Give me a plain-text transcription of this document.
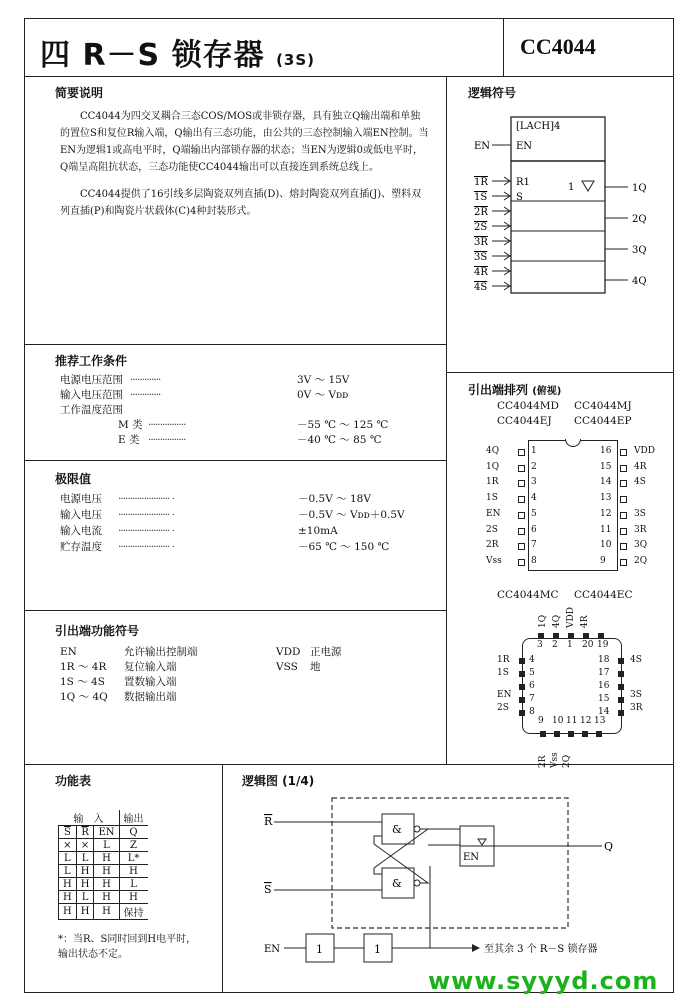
四 R－S 锁存器 (3S)
CC4044
简要说明
CC4044为四交叉耦合三态COS/MOS或非锁存器，具有独立Q输出端和单独的置位S和复位R输入端，Q输出有三态功能，由公共的三态控制输入端EN控制。当EN为逻辑1或高电平时，Q端输出内部锁存器的状态；当EN为逻辑0或低电平时，Q端呈高阻抗状态，三态功能使CC4044输出可以直接连到系统总线上。
CC4044提供了16引线多层陶瓷双列直插(D)、熔封陶瓷双列直插(J)、塑料双列直插(P)和陶瓷片状载体(C)4种封装形式。
逻辑符号
[LACH]4
EN	EN
R1
S
1
1R
1S
2R
2S
3R
3S
4R
4S
1Q
2Q
3Q
4Q
推荐工作条件
极限值
引出端功能符号
引出端排列 (俯视)
CC4044MD CC4044MJ
CC4044EJ CC4044EP
CC4044MC CC4044EC
功能表
输　入			输出
$\overline{S}$	$\overline{R}$	EN	Q
×	×	L	Z
L	L	H	L*
L	H	H	H
H	H	H	L
H	L	H	H
H	H	H	保持
*：当R、S同时回到H电平时，输出状态不定。
逻辑图 (1/4)
R
S
&
&
EN
Q
EN	1	1	至其余 3 个 R－S 锁存器
www.syyyd.com
电源电压范围 ·············	3V ～ 15V
输入电压范围 ·············	0V ～ Vᴅᴅ
工作温度范围
M 类 ················	－55 ℃ ～ 125 ℃
E 类 ················	－40 ℃ ～ 85 ℃
电源电压 ······················ ·	－0.5V ～ 18V
输入电压 ······················ ·	－0.5V ～ Vᴅᴅ＋0.5V
输入电流 ······················ ·	±10mA
贮存温度 ······················ ·	－65 ℃ ～ 150 ℃
EN	允许输出控制端
1R ～ 4R 复位输入端
1S ～ 4S 置数输入端
1Q ～ 4Q 数据输出端
VDD 正电源
VSS 地
4Q	1
1Q	2
1R	3
1S	4
EN	5
2S	6
2R	7
Vss	8
16	VDD
15	4R
14	4S
13
12	3S
11	3R
10	3Q
9	2Q
1Q 4Q VDD 4R
3 2 1 20 19
18
17
16
15
14
4
5
6
7
8
9 10 11 12 13
1R
1S
EN
2S
4S
3S
3R
2R Vss 2Q
